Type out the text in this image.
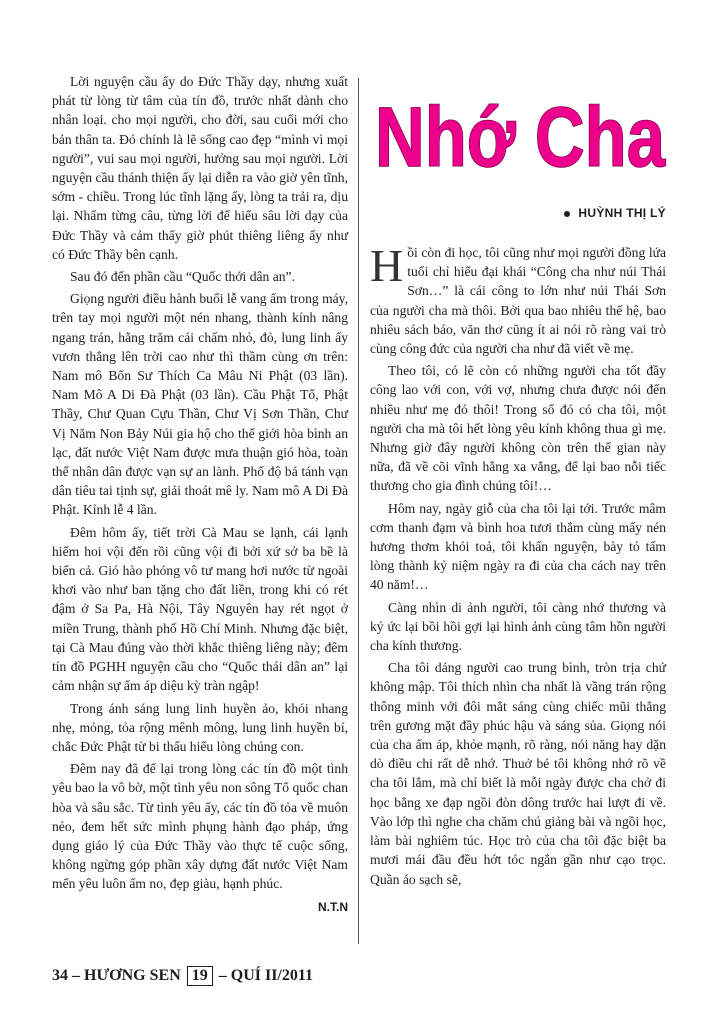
Lời nguyện cầu ấy do Đức Thầy dạy, nhưng xuất phát từ lòng từ tâm của tín đồ, trước nhất dành cho nhân loại. cho mọi người, cho đời, sau cuối mới cho bản thân ta. Đó chính là lẽ sống cao đẹp “mình vì mọi người”, vui sau mọi người, hưởng sau mọi người. Lời nguyện cầu thánh thiện ấy lại diễn ra vào giờ yên tĩnh, sớm - chiều. Trong lúc tĩnh lặng ấy, lòng ta trải ra, dịu lại. Nhẩm từng câu, từng lời để hiểu sâu lời dạy của Đức Thầy và cảm thấy giờ phút thiêng liêng ấy như có Đức Thầy bên cạnh.

Sau đó đến phần cầu “Quốc thới dân an”.

Giọng người điều hành buổi lễ vang ấm trong máy, trên tay mọi người một nén nhang, thành kính nâng ngang trán, hằng trăm cái chấm nhỏ, đỏ, lung linh ấy vươn thẳng lên trời cao như thì thầm cùng ơn trên: Nam mô Bổn Sư Thích Ca Mâu Ni Phật (03 lần). Nam Mô A Di Đà Phật (03 lần). Cầu Phật Tổ, Phật Thầy, Chư Quan Cựu Thần, Chư Vị Sơn Thần, Chư Vị Năm Non Bảy Núi gia hộ cho thế giới hòa bình an lạc, đất nước Việt Nam được mưa thuận gió hòa, toàn thể nhân dân được vạn sự an lành. Phổ độ bá tánh vạn dân tiêu tai tịnh sự, giải thoát mê ly. Nam mô A Di Đà Phật. Kỉnh lễ 4 lần.

Đêm hôm ấy, tiết trời Cà Mau se lạnh, cái lạnh hiếm hoi vội đến rồi cũng vội đi bởi xứ sở ba bề là biển cả. Gió hào phóng vô tư mang hơi nước từ ngoài khơi vào như ban tặng cho đất liền, trong khi có rét đậm ở Sa Pa, Hà Nội, Tây Nguyên hay rét ngọt ở miền Trung, thành phố Hồ Chí Minh. Nhưng đặc biệt, tại Cà Mau đúng vào thời khắc thiêng liêng này; đêm tín đồ PGHH nguyện cầu cho “Quốc thái dân an” lại cảm nhận sự ấm áp diệu kỳ tràn ngập!

Trong ánh sáng lung linh huyền ảo, khói nhang nhẹ, mỏng, tỏa rộng mênh mông, lung linh huyền bí, chắc Đức Phật từ bi thấu hiểu lòng chúng con.

Đêm nay đã để lại trong lòng các tín đồ một tình yêu bao la vô bờ, một tình yêu non sông Tổ quốc chan hòa và sâu sắc. Từ tình yêu ấy, các tín đồ tỏa về muôn nẻo, đem hết sức mình phụng hành đạo pháp, ứng dụng giáo lý của Đức Thầy vào thực tế cuộc sống, không ngừng góp phần xây dựng đất nước Việt Nam mến yêu luôn ấm no, đẹp giàu, hạnh phúc.

N.T.N
Nhớ Cha
HUỲNH THỊ LÝ

Hồi còn đi học, tôi cũng như mọi người đồng lứa tuổi chỉ hiểu đại khái “Công cha như núi Thái Sơn…” là cái công to lớn như núi Thái Sơn của người cha mà thôi. Bởi qua bao nhiêu thế hệ, bao nhiêu sách báo, văn thơ cũng ít ai nói rõ ràng vai trò cùng công đức của người cha như đã viết về mẹ.

Theo tôi, có lẽ còn có những người cha tốt đầy công lao với con, với vợ, nhưng chưa được nói đến nhiều như mẹ đó thôi! Trong số đó có cha tôi, một người cha mà tôi hết lòng yêu kính không thua gì mẹ. Nhưng giờ đây người không còn trên thế gian này nữa, đã về cõi vĩnh hằng xa vắng, để lại bao nỗi tiếc thương cho gia đình chúng tôi!…

Hôm nay, ngày giỗ của cha tôi lại tới. Trước mâm cơm thanh đạm và bình hoa tươi thắm cùng mấy nén hương thơm khói toả, tôi khấn nguyện, bày tỏ tấm lòng thành kỷ niệm ngày ra đi của cha cách nay trên 40 năm!…

Càng nhìn di ảnh người, tôi càng nhớ thương và ký ức lại bồi hồi gợi lại hình ảnh cùng tâm hồn người cha kính thương.

Cha tôi dáng người cao trung bình, tròn trịa chứ không mập. Tôi thích nhìn cha nhất là vầng trán rộng thông minh với đôi mắt sáng cùng chiếc mũi thẳng trên gương mặt đầy phúc hậu và sáng sủa. Giọng nói của cha ấm áp, khỏe mạnh, rõ ràng, nói năng hay dặn dò điều chi rất dễ nhớ. Thuở bé tôi không nhớ rõ về cha tôi lắm, mà chỉ biết là mỗi ngày được cha chở đi học bằng xe đạp ngồi đòn dông trước hai lượt đi về. Vào lớp thì nghe cha chăm chú giảng bài và ngồi học, làm bài nghiêm túc. Học trò của cha tôi đặc biệt ba mươi mái đầu đều hớt tóc ngắn gần như cạo trọc. Quần áo sạch sẽ,

34 – HƯƠNG SEN 19 – QUÍ II/2011
